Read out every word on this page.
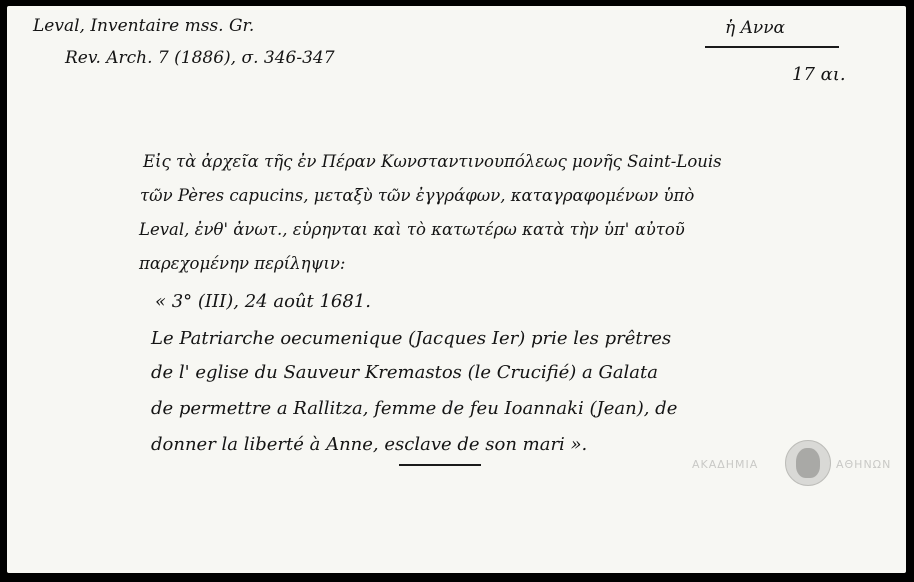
Leval, Inventaire mss. Gr.
Rev. Arch. 7 (1886), σ. 346-347
ἡ Αννα
17 αι.
Εἰς τὰ ἀρχεῖα τῆς ἐν Πέραν Κωνσταντινουπόλεως μονῆς Saint-Louis
τῶν Pères capucins, μεταξὺ τῶν ἐγγράφων, καταγραφομένων ὑπὸ
Leval, ἐνθ' ἀνωτ., εὑρηνται καὶ τὸ κατωτέρω κατὰ τὴν ὑπ' αὐτοῦ
παρεχομένην περίληψιν:
« 3° (III), 24 août 1681.
Le Patriarche oecumenique (Jacques Ier) prie les prêtres
de l' eglise du Sauveur Kremastos (le Crucifié) a Galata
de permettre a Rallitza, femme de feu Ioannaki (Jean), de
donner la liberté à Anne, esclave de son mari ».
ΑΚΑΔΗΜΙΑ	ΑΘΗΝΩΝ
